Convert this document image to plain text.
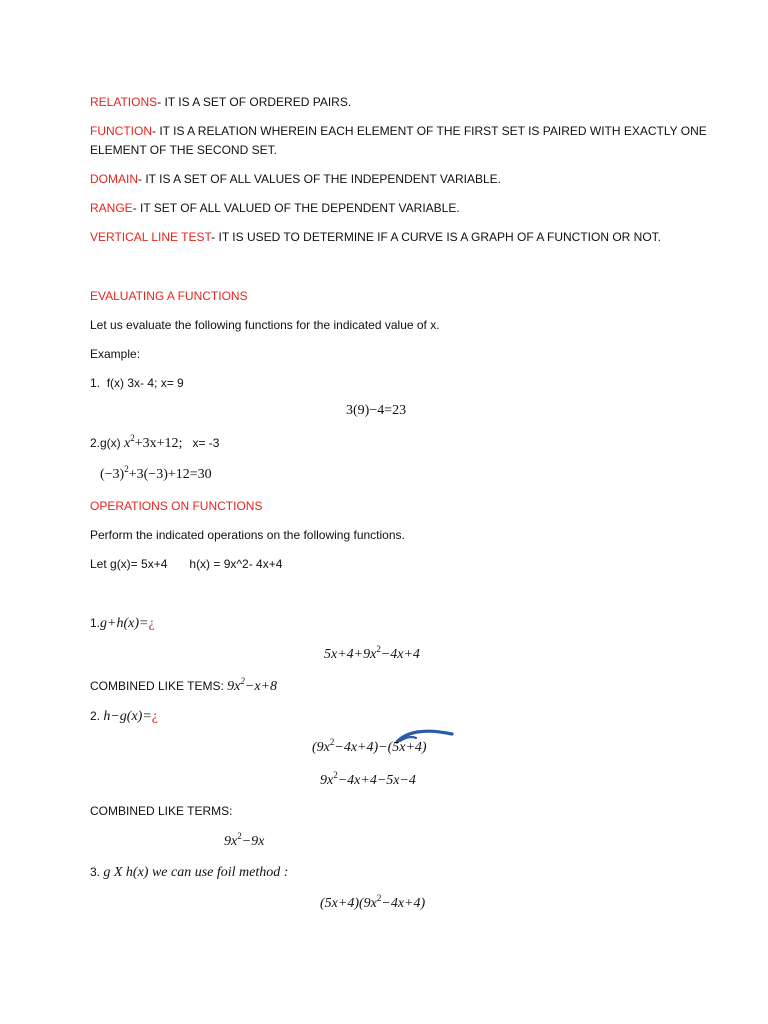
RELATIONS- IT IS A SET OF ORDERED PAIRS.
FUNCTION- IT IS A RELATION WHEREIN EACH ELEMENT OF THE FIRST SET IS PAIRED WITH EXACTLY ONE
ELEMENT OF THE SECOND SET.
DOMAIN- IT IS A SET OF ALL VALUES OF THE INDEPENDENT VARIABLE.
RANGE- IT SET OF ALL VALUED OF THE DEPENDENT VARIABLE.
VERTICAL LINE TEST- IT IS USED TO DETERMINE IF A CURVE IS A GRAPH OF A FUNCTION OR NOT.
EVALUATING A FUNCTIONS
Let us evaluate the following functions for the indicated value of x.
Example:
1. f(x) 3x- 4; x= 9
3(9)−4=23
2.g(x) $x^2+3x+12$; x= -3
$(-3)^2+3(-3)+12=30$
OPERATIONS ON FUNCTIONS
Perform the indicated operations on the following functions.
Let g(x)= 5x+4 h(x) = 9x^2- 4x+4
1.g+h(x)=¿
$5x+4+9x^2-4x+4$
COMBINED LIKE TEMS: $9x^2-x+8$
2. h−g(x)=¿
$(9x^2-4x+4)-(5x+4)$
$9x^2-4x+4-5x-4$
COMBINED LIKE TERMS:
$9x^2-9x$
3. g X h(x) we can use foil method :
$(5x+4)(9x^2-4x+4)$
